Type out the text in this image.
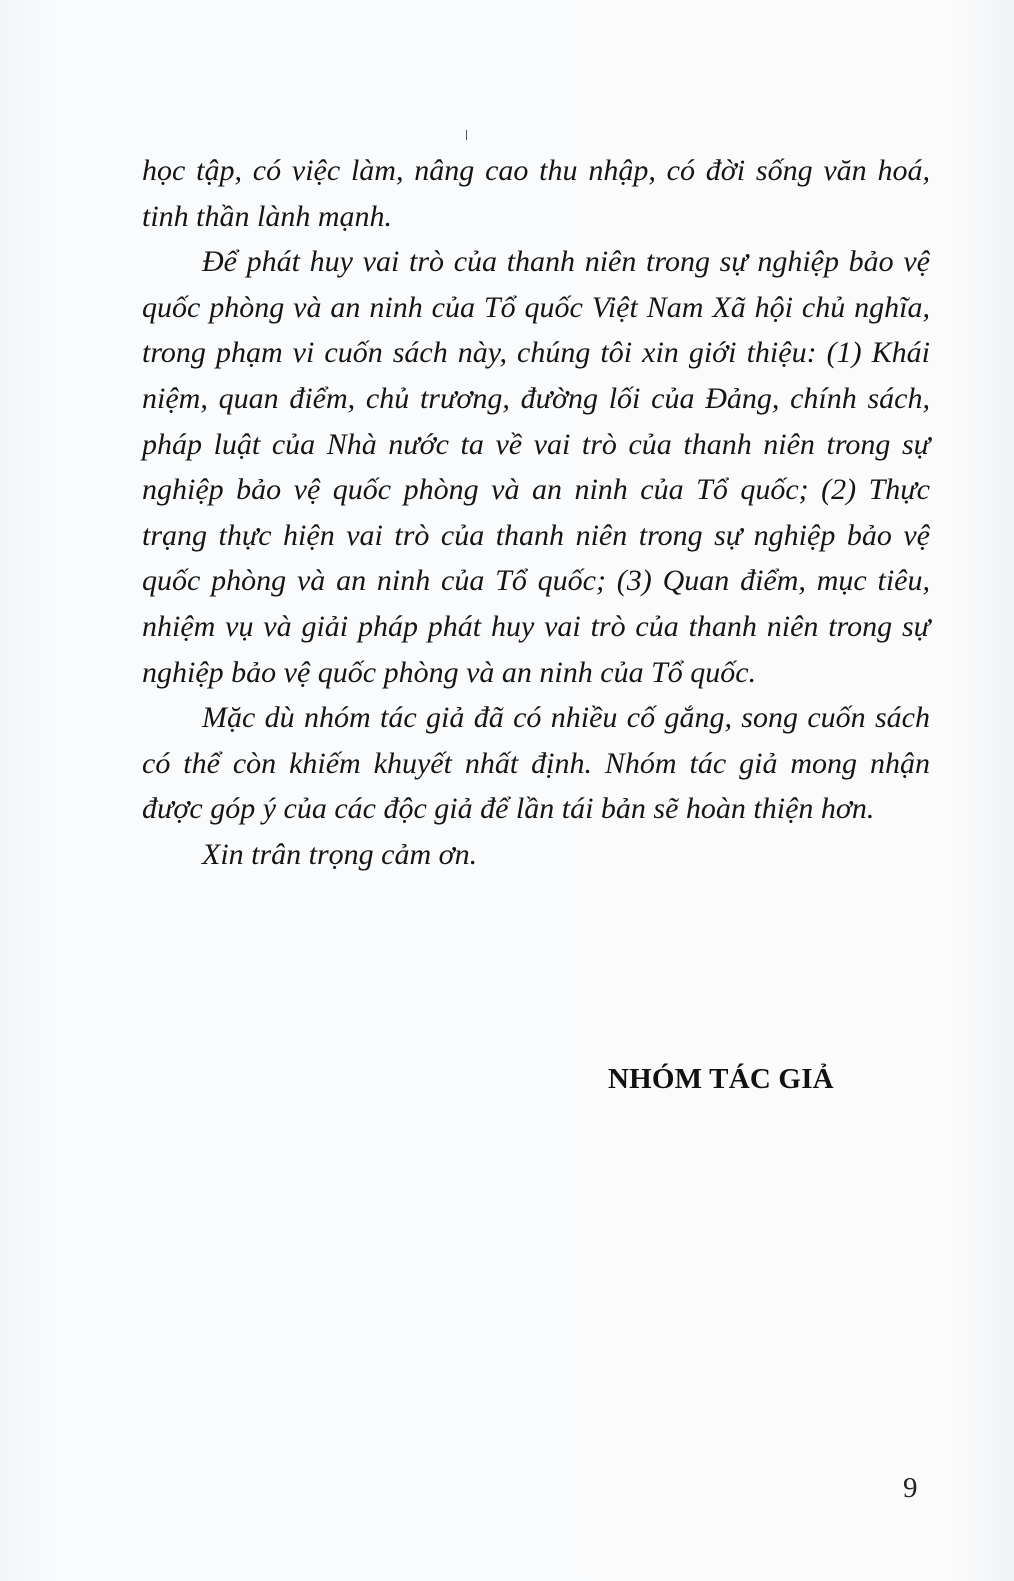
học tập, có việc làm, nâng cao thu nhập, có đời sống văn hoá, tinh thần lành mạnh.

Để phát huy vai trò của thanh niên trong sự nghiệp bảo vệ quốc phòng và an ninh của Tổ quốc Việt Nam Xã hội chủ nghĩa, trong phạm vi cuốn sách này, chúng tôi xin giới thiệu: (1) Khái niệm, quan điểm, chủ trương, đường lối của Đảng, chính sách, pháp luật của Nhà nước ta về vai trò của thanh niên trong sự nghiệp bảo vệ quốc phòng và an ninh của Tổ quốc; (2) Thực trạng thực hiện vai trò của thanh niên trong sự nghiệp bảo vệ quốc phòng và an ninh của Tổ quốc; (3) Quan điểm, mục tiêu, nhiệm vụ và giải pháp phát huy vai trò của thanh niên trong sự nghiệp bảo vệ quốc phòng và an ninh của Tổ quốc.

Mặc dù nhóm tác giả đã có nhiều cố gắng, song cuốn sách có thể còn khiếm khuyết nhất định. Nhóm tác giả mong nhận được góp ý của các độc giả để lần tái bản sẽ hoàn thiện hơn.

Xin trân trọng cảm ơn.

NHÓM TÁC GIẢ
9
